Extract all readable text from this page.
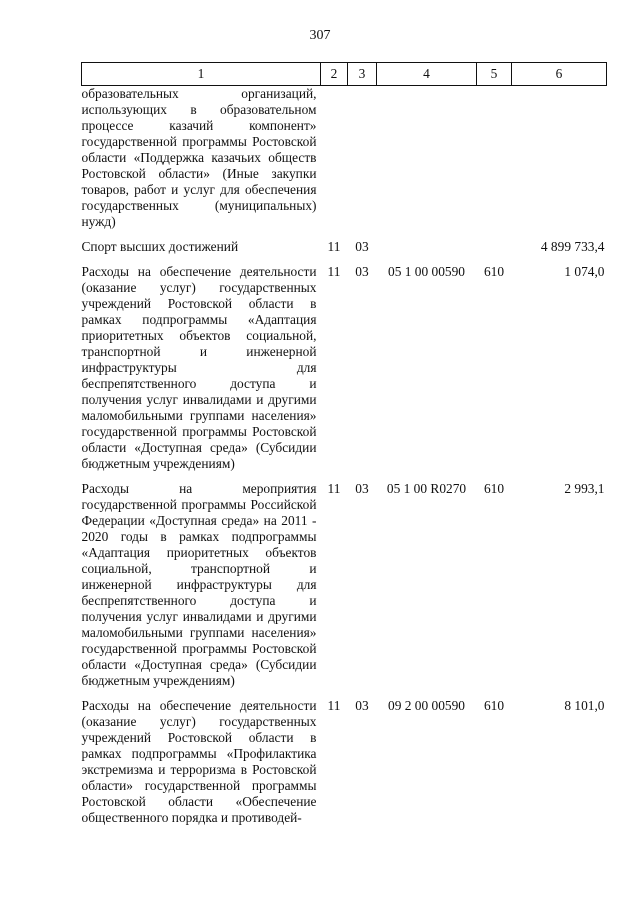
307
1	2	3	4	5	6
образовательных организаций, использующих в образовательном процессе казачий компонент» государственной программы Ростовской области «Поддержка казачьих обществ Ростовской области» (Иные закупки товаров, работ и услуг для обеспечения государственных (муниципальных) нужд)					

Спорт высших достижений	11	03			4 899 733,4

Расходы на обеспечение деятельности (оказание услуг) государственных учреждений Ростовской области в рамках подпрограммы «Адаптация приоритетных объектов социальной, транспортной и инженерной инфраструктуры для беспрепятственного доступа и получения услуг инвалидами и другими маломобильными группами населения» государственной программы Ростовской области «Доступная среда» (Субсидии бюджетным учреждениям)	11	03	05 1 00 00590	610	1 074,0

Расходы на мероприятия государственной программы Российской Федерации «Доступная среда» на 2011 - 2020 годы в рамках подпрограммы «Адаптация приоритетных объектов социальной, транспортной и инженерной инфраструктуры для беспрепятственного доступа и получения услуг инвалидами и другими маломобильными группами населения» государственной программы Ростовской области «Доступная среда» (Субсидии бюджетным учреждениям)	11	03	05 1 00 R0270	610	2 993,1

Расходы на обеспечение деятельности (оказание услуг) государственных учреждений Ростовской области в рамках подпрограммы «Профилактика экстремизма и терроризма в Ростовской области» государственной программы Ростовской области «Обеспечение общественного порядка и противодей-	11	03	09 2 00 00590	610	8 101,0
